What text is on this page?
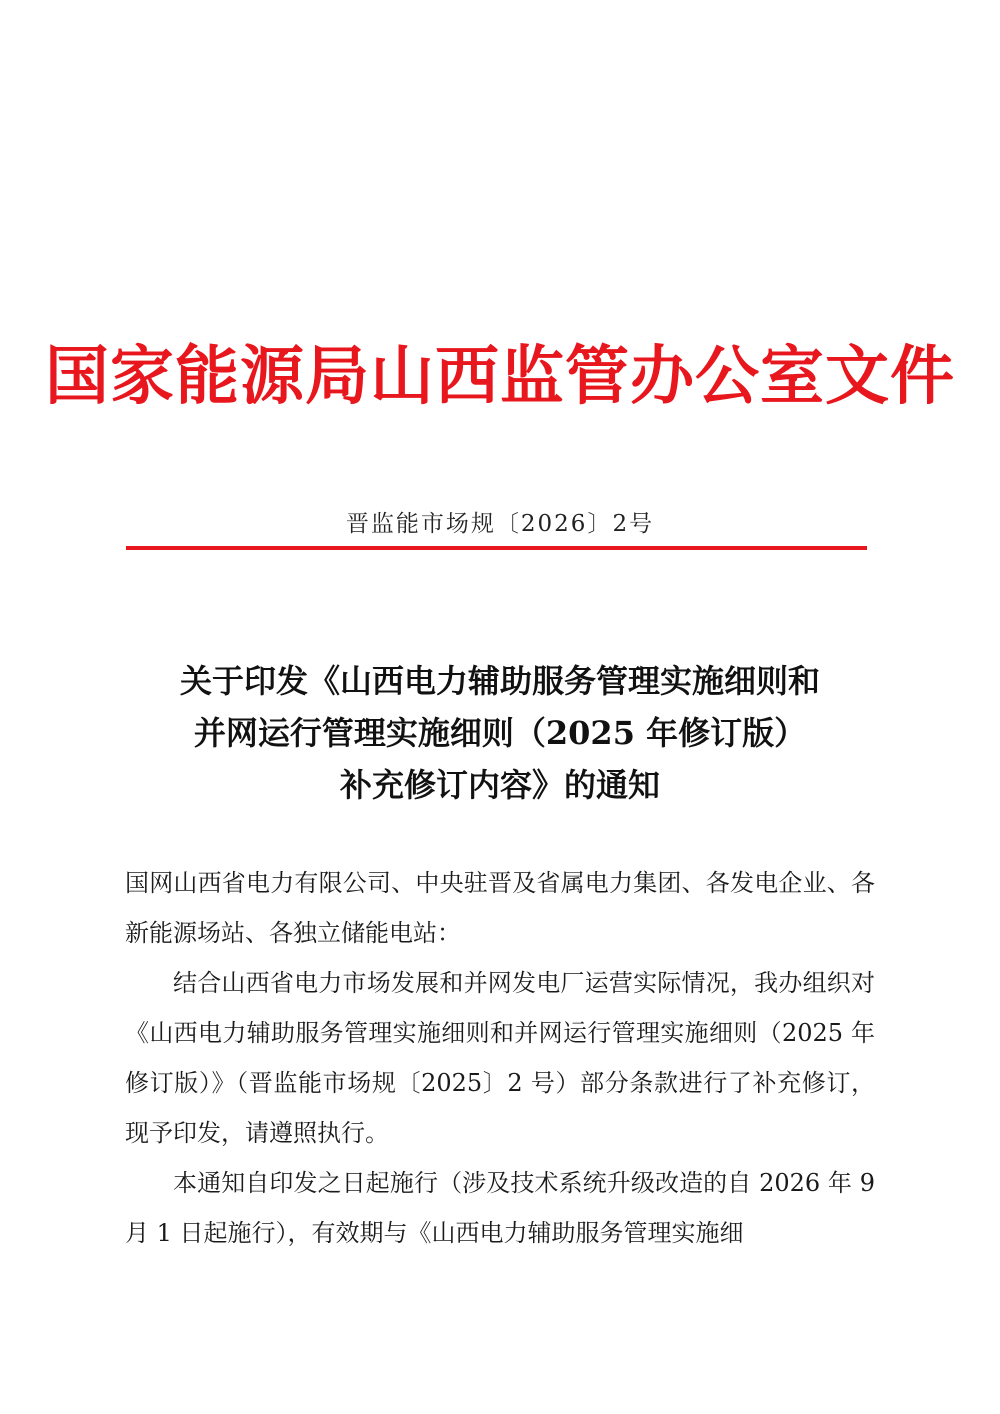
国家能源局山西监管办公室文件
晋监能市场规〔2026〕2号
关于印发《山西电力辅助服务管理实施细则和
并网运行管理实施细则（2025 年修订版）
补充修订内容》的通知

国网山西省电力有限公司、中央驻晋及省属电力集团、各发电企业、各新能源场站、各独立储能电站：

结合山西省电力市场发展和并网发电厂运营实际情况，我办组织对《山西电力辅助服务管理实施细则和并网运行管理实施细则（2025 年修订版）》（晋监能市场规〔2025〕2 号）部分条款进行了补充修订，现予印发，请遵照执行。

本通知自印发之日起施行（涉及技术系统升级改造的自 2026 年 9 月 1 日起施行），有效期与《山西电力辅助服务管理实施细
